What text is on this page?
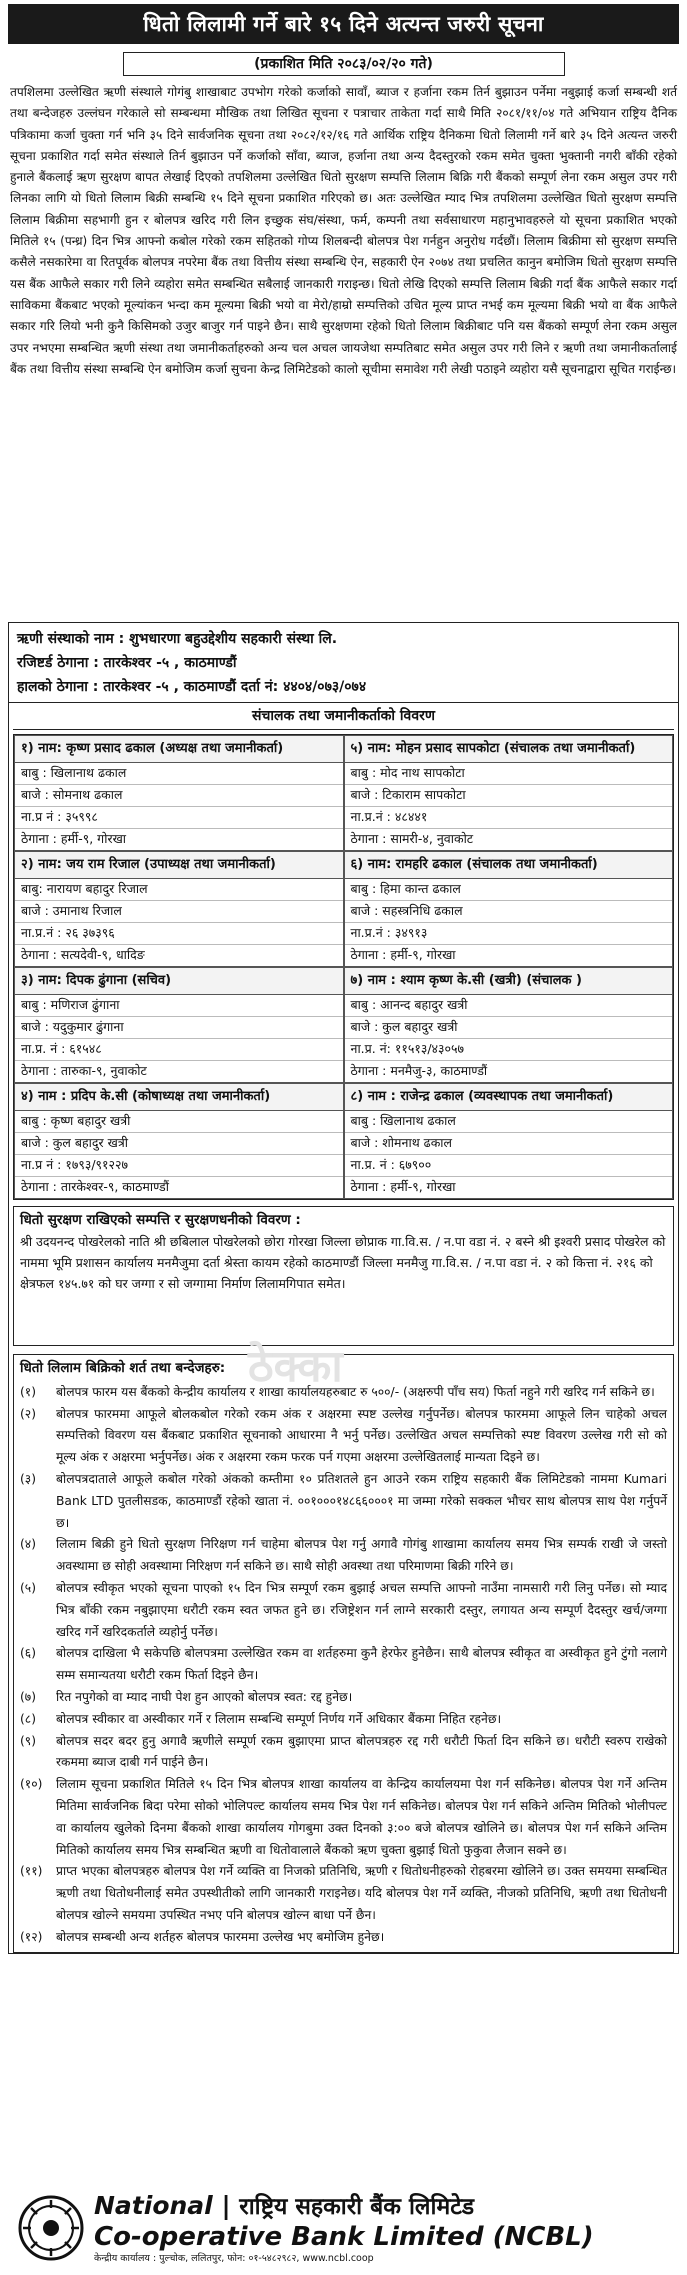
धितो लिलामी गर्ने बारे १५ दिने अत्यन्त जरुरी सूचना
(प्रकाशित मिति २०८३/०२/२० गते)
तपशिलमा उल्लेखित ऋणी संस्थाले गोगंबु शाखाबाट उपभोग गरेको कर्जाको सावाँ, ब्याज र हर्जाना रकम तिर्न बुझाउन पर्नेमा नबुझाई कर्जा सम्बन्धी शर्त तथा बन्देजहरु उल्लंघन गरेकाले सो सम्बन्धमा मौखिक तथा लिखित सूचना र पत्राचार ताकेता गर्दा साथै मिति २०८१/११/०४ गते अभियान राष्ट्रिय दैनिक पत्रिकामा कर्जा चुक्ता गर्न भनि ३५ दिने सार्वजनिक सूचना तथा २०८२/१२/१६ गते आर्थिक राष्ट्रिय दैनिकमा धितो लिलामी गर्ने बारे ३५ दिने अत्यन्त जरुरी सूचना प्रकाशित गर्दा समेत संस्थाले तिर्न बुझाउन पर्ने कर्जाको साँवा, ब्याज, हर्जाना तथा अन्य दैदस्तुरको रकम समेत चुक्ता भुक्तानी नगरी बाँकी रहेको हुनाले बैंकलाई ऋण सुरक्षण बापत लेखाई दिएको तपशिलमा उल्लेखित धितो सुरक्षण सम्पत्ति लिलाम बिक्रि गरी बैंकको सम्पूर्ण लेना रकम असुल उपर गरी लिनका लागि यो धितो लिलाम बिक्री सम्बन्धि १५ दिने सूचना प्रकाशित गरिएको छ। अतः उल्लेखित म्याद भित्र तपशिलमा उल्लेखित धितो सुरक्षण सम्पत्ति लिलाम बिक्रीमा सहभागी हुन र बोलपत्र खरिद गरी लिन इच्छुक संघ/संस्था, फर्म, कम्पनी तथा सर्वसाधारण महानुभावहरुले यो सूचना प्रकाशित भएको मितिले १५ (पन्ध्र) दिन भित्र आफ्नो कबोल गरेको रकम सहितको गोप्य शिलबन्दी बोलपत्र पेश गर्नहुन अनुरोध गर्दछौं। लिलाम बिक्रीमा सो सुरक्षण सम्पत्ति कसैले नसकारेमा वा रितपूर्वक बोलपत्र नपरेमा बैंक तथा वित्तीय संस्था सम्बन्धि ऐन, सहकारी ऐन २०७४ तथा प्रचलित कानुन बमोजिम धितो सुरक्षण सम्पत्ति यस बैंक आफैले सकार गरी लिने व्यहोरा समेत सम्बन्धित सबैलाई जानकारी गराइन्छ। धितो लेखि दिएको सम्पत्ति लिलाम बिक्री गर्दा बैंक आफैले सकार गर्दा साविकमा बैंकबाट भएको मूल्यांकन भन्दा कम मूल्यमा बिक्री भयो वा मेरो/हाम्रो सम्पत्तिको उचित मूल्य प्राप्त नभई कम मूल्यमा बिक्री भयो वा बैंक आफैले सकार गरि लियो भनी कुनै किसिमको उजुर बाजुर गर्न पाइने छैन। साथै सुरक्षणमा रहेको धितो लिलाम बिक्रीबाट पनि यस बैंकको सम्पूर्ण लेना रकम असुल उपर नभएमा सम्बन्धित ऋणी संस्था तथा जमानीकर्ताहरुको अन्य चल अचल जायजेथा सम्पतिबाट समेत असुल उपर गरी लिने र ऋणी तथा जमानीकर्तालाई बैंक तथा वित्तीय संस्था सम्बन्धि ऐन बमोजिम कर्जा सुचना केन्द्र लिमिटेडको कालो सूचीमा समावेश गरी लेखी पठाइने व्यहोरा यसै सूचनाद्वारा सूचित गराईन्छ।
ऋणी संस्थाको नाम : शुभधारणा बहुउद्देशीय सहकारी संस्था लि.
रजिष्टर्ड ठेगाना : तारकेश्वर -५ , काठमाण्डौं
हालको ठेगाना : तारकेश्वर -५ , काठमाण्डौं दर्ता नं: ४४०४/०७३/०७४
संचालक तथा जमानीकर्ताको विवरण
१) नाम: कृष्ण प्रसाद ढकाल (अध्यक्ष तथा जमानीकर्ता)
बाबु : खिलानाथ ढकाल
बाजे : सोमनाथ ढकाल
ना.प्र नं : ३५९९८
ठेगाना : हर्मी-९, गोरखा
५) नाम: मोहन प्रसाद सापकोटा (संचालक तथा जमानीकर्ता)
बाबु : मोद नाथ सापकोटा
बाजे : टिकाराम सापकोटा
ना.प्र.नं : ४८४४१
ठेगाना : सामरी-४, नुवाकोट
२) नाम: जय राम रिजाल (उपाध्यक्ष तथा जमानीकर्ता)
बाबु: नारायण बहादुर रिजाल
बाजे : उमानाथ रिजाल
ना.प्र.नं : २६ ३७३९६
ठेगाना : सत्यदेवी-९, धादिङ
६) नाम: रामहरि ढकाल (संचालक तथा जमानीकर्ता)
बाबु : हिमा कान्त ढकाल
बाजे : सहस्त्रनिधि ढकाल
ना.प्र.नं : ३४९१३
ठेगाना : हर्मी-९, गोरखा
३) नाम: दिपक ढुंगाना (सचिव)
बाबु : मणिराज ढुंगाना
बाजे : यदुकुमार ढुंगाना
ना.प्र. नं : ६१५४८
ठेगाना : तारुका-९, नुवाकोट
७) नाम : श्याम कृष्ण के.सी (खत्री) (संचालक )
बाबु : आनन्द बहादुर खत्री
बाजे : कुल बहादुर खत्री
ना.प्र. नं: ११५१३/४३०५७
ठेगाना : मनमैजु-३, काठमाण्डौं
४) नाम : प्रदिप के.सी (कोषाध्यक्ष तथा जमानीकर्ता)
बाबु : कृष्ण बहादुर खत्री
बाजे : कुल बहादुर खत्री
ना.प्र नं : १७९३/९१२२७
ठेगाना : तारकेश्वर-९, काठमाण्डौं
८) नाम : राजेन्द्र ढकाल (व्यवस्थापक तथा जमानीकर्ता)
बाबु : खिलानाथ ढकाल
बाजे : शोमनाथ ढकाल
ना.प्र. नं : ६७९००
ठेगाना : हर्मी-९, गोरखा
धितो सुरक्षण राखिएको सम्पत्ति र सुरक्षणधनीको विवरण :
श्री उदयनन्द पोखरेलको नाति श्री छबिलाल पोखरेलको छोरा गोरखा जिल्ला छोप्राक गा.वि.स. / न.पा वडा नं. २ बस्ने श्री इश्वरी प्रसाद पोखरेल को नाममा भूमि प्रशासन कार्यालय मनमैजुमा दर्ता श्रेस्ता कायम रहेको काठमाण्डौं जिल्ला मनमैजु गा.वि.स. / न.पा वडा नं. २ को कित्ता नं. २१६ को क्षेत्रफल १४५.७१ को घर जग्गा र सो जग्गामा निर्माण लिलामगिपात समेत।
धितो लिलाम बिक्रिको शर्त तथा बन्देजहरु:
(१)	बोलपत्र फारम यस बैंकको केन्द्रीय कार्यालय र शाखा कार्यालयहरुबाट रु ५००/- (अक्षरुपी पाँच सय) फिर्ता नहुने गरी खरिद गर्न सकिने छ।
(२)	बोलपत्र फारममा आफूले बोलकबोल गरेको रकम अंक र अक्षरमा स्पष्ट उल्लेख गर्नुपर्नेछ। बोलपत्र फारममा आफूले लिन चाहेको अचल सम्पत्तिको विवरण यस बैंकबाट प्रकाशित सूचनाको आधारमा नै भर्नु पर्नेछ। उल्लेखित अचल सम्पत्तिको स्पष्ट विवरण उल्लेख गरी सो को मूल्य अंक र अक्षरमा भर्नुपर्नेछ। अंक र अक्षरमा रकम फरक पर्न गएमा अक्षरमा उल्लेखितलाई मान्यता दिइने छ।
(३)	बोलपत्रदाताले आफूले कबोल गरेको अंकको कम्तीमा १० प्रतिशतले हुन आउने रकम राष्ट्रिय सहकारी बैंक लिमिटेडको नाममा Kumari Bank LTD पुतलीसडक, काठमाण्डौं रहेको खाता नं. ००१०००१४८६६०००१ मा जम्मा गरेको सक्कल भौचर साथ बोलपत्र साथ पेश गर्नुपर्ने छ।
(४)	लिलाम बिक्री हुने धितो सुरक्षण निरिक्षण गर्न चाहेमा बोलपत्र पेश गर्नु अगावै गोगंबु शाखामा कार्यालय समय भित्र सम्पर्क राखी जे जस्तो अवस्थामा छ सोही अवस्थामा निरिक्षण गर्न सकिने छ। साथै सोही अवस्था तथा परिमाणमा बिक्री गरिने छ।
(५)	बोलपत्र स्वीकृत भएको सूचना पाएको १५ दिन भित्र सम्पूर्ण रकम बुझाई अचल सम्पत्ति आफ्नो नाउँमा नामसारी गरी लिनु पर्नेछ। सो म्याद भित्र बाँकी रकम नबुझाएमा धरौटी रकम स्वत जफत हुने छ। रजिष्ट्रेशन गर्न लाग्ने सरकारी दस्तुर, लगायत अन्य सम्पूर्ण दैदस्तुर खर्च/जग्गा खरिद गर्ने खरिदकर्ताले व्यहोर्नु पर्नेछ।
(६)	बोलपत्र दाखिला भै सकेपछि बोलपत्रमा उल्लेखित रकम वा शर्तहरुमा कुनै हेरफेर हुनेछैन। साथै बोलपत्र स्वीकृत वा अस्वीकृत हुने टुंगो नलागे सम्म समान्यतया धरौटी रकम फिर्ता दिइने छैन।
(७)	रित नपुगेको वा म्याद नाघी पेश हुन आएको बोलपत्र स्वत: रद्द हुनेछ।
(८)	बोलपत्र स्वीकार वा अस्वीकार गर्ने र लिलाम सम्बन्धि सम्पूर्ण निर्णय गर्ने अधिकार बैंकमा निहित रहनेछ।
(९)	बोलपत्र सदर बदर हुनु अगावै ऋणीले सम्पूर्ण रकम बुझाएमा प्राप्त बोलपत्रहरु रद्द गरी धरौटी फिर्ता दिन सकिने छ। धरौटी स्वरुप राखेको रकममा ब्याज दाबी गर्न पाईने छैन।
(१०)	लिलाम सूचना प्रकाशित मितिले १५ दिन भित्र बोलपत्र शाखा कार्यालय वा केन्द्रिय कार्यालयमा पेश गर्न सकिनेछ। बोलपत्र पेश गर्ने अन्तिम मितिमा सार्वजनिक बिदा परेमा सोको भोलिपल्ट कार्यालय समय भित्र पेश गर्न सकिनेछ। बोलपत्र पेश गर्न सकिने अन्तिम मितिको भोलीपल्ट वा कार्यालय खुलेको दिनमा बैंकको शाखा कार्यालय गोगबुमा उक्त दिनको ३:०० बजे बोलपत्र खोलिने छ। बोलपत्र पेश गर्न सकिने अन्तिम मितिको कार्यालय समय भित्र सम्बन्धित ऋणी वा धितोवालाले बैंकको ऋण चुक्ता बुझाई धितो फुकुवा लैजान सक्ने छ।
(११)	प्राप्त भएका बोलपत्रहरु बोलपत्र पेश गर्ने व्यक्ति वा निजको प्रतिनिधि, ऋणी र धितोधनीहरुको रोहबरमा खोलिने छ। उक्त समयमा सम्बन्धित ऋणी तथा धितोधनीलाई समेत उपस्थीतीको लागि जानकारी गराइनेछ। यदि बोलपत्र पेश गर्ने व्यक्ति, नीजको प्रतिनिधि, ऋणी तथा धितोधनी बोलपत्र खोल्ने समयमा उपस्थित नभए पनि बोलपत्र खोल्न बाधा पर्ने छैन।
(१२)	बोलपत्र सम्बन्धी अन्य शर्तहरु बोलपत्र फारममा उल्लेख भए बमोजिम हुनेछ।
ठेक्का
National | राष्ट्रिय सहकारी बैंक लिमिटेड
Co-operative Bank Limited (NCBL)
केन्द्रीय कार्यालय : पुल्चोक, ललितपुर, फोन: ०१-५४८२९८२, www.ncbl.coop
